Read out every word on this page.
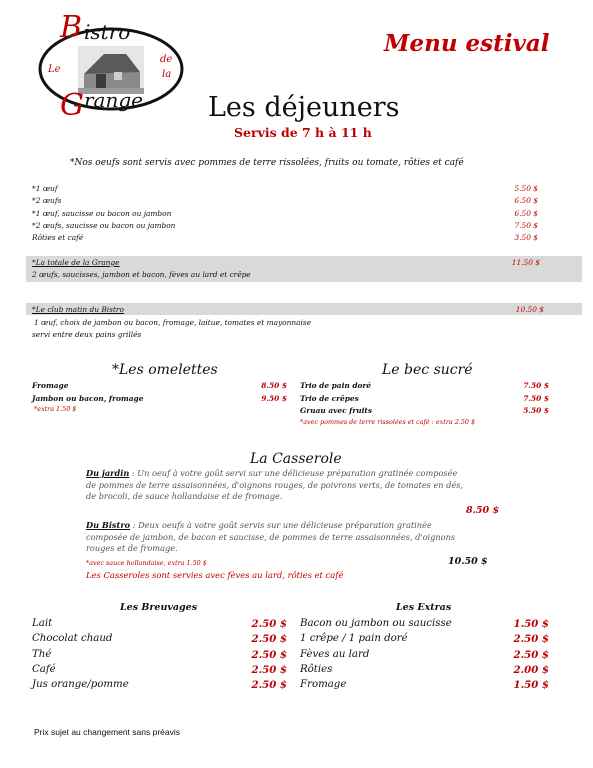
B istro
Le
de
la
G range
Menu estival
Les déjeuners
Servis de 7 h à 11 h
*Nos oeufs sont servis avec pommes de terre rissolées, fruits ou tomate, rôties et café
*1 œuf	5.50 $
*2 œufs	6.50 $
*1 œuf, saucisse ou bacon ou jambon	6.50 $
*2 œufs, saucisse ou bacon ou jambon	7.50 $
Rôties et café	3.50 $
*La totale de la Grange	11.50 $
2 œufs, saucisses, jambon et bacon, fèves au lard et crêpe
*Le club matin du Bistro	10.50 $
1 œuf, choix de jambon ou bacon, fromage, laitue, tomates et mayonnaise
servi entre deux pains grillés
*Les omelettes
Fromage	8.50 $
Jambon ou bacon, fromage	9.50 $
*extra 1.50 $
Le bec sucré
Trio de pain doré	7.50 $
Trio de crêpes	7.50 $
Gruau avec fruits	5.50 $
*avec pommes de terre rissolées et café : extra 2.50 $
La Casserole
Du jardin : Un oeuf à votre goût servi sur une délicieuse préparation gratinée composée
de pommes de terre assaisonnées, d'oignons rouges, de poivrons verts, de tomates en dés,
de brocoli, de sauce hollandaise et de fromage.
8.50 $
Du Bistro : Deux oeufs à votre goût servis sur une délicieuse préparation gratinée
composée de jambon, de bacon et saucisse, de pommes de terre assaisonnées, d'oignons
rouges et de fromage.
*avec sauce hollandaise, extra 1.50 $	10.50 $
Les Casseroles sont servies avec fèves au lard, rôties et café
Les Breuvages
Lait	2.50 $
Chocolat chaud	2.50 $
Thé	2.50 $
Café	2.50 $
Jus orange/pomme	2.50 $
Les Extras
Bacon ou jambon ou saucisse	1.50 $
1 crêpe / 1 pain doré	2.50 $
Fèves au lard	2.50 $
Rôties	2.00 $
Fromage	1.50 $
Prix sujet au changement sans préavis
